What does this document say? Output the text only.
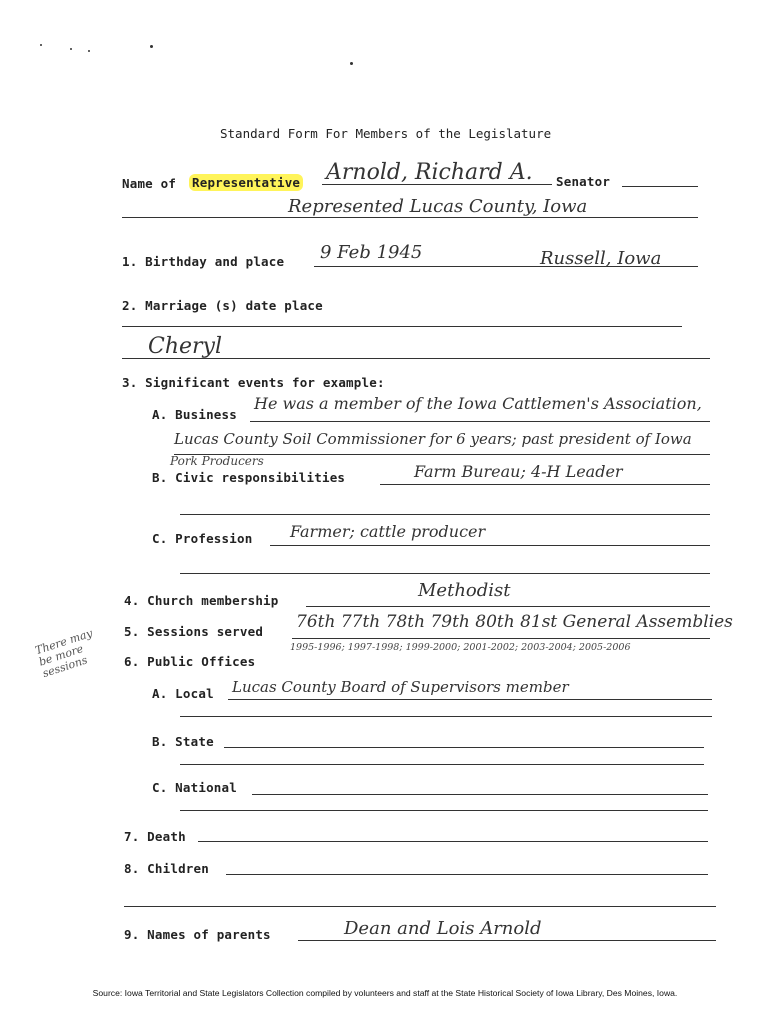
Standard Form For Members of the Legislature
Name of Representative Arnold, Richard A. Senator
Represented Lucas County, Iowa
1. Birthday and place 9 Feb 1945	Russell, Iowa
2. Marriage (s) date place
Cheryl
3. Significant events for example:
A. Business
He was a member of the Iowa Cattlemen's Association,
Lucas County Soil Commissioner for 6 years; past president of Iowa
Pork Producers
B. Civic responsibilities	Farm Bureau; 4-H Leader
C. Profession Farmer; cattle producer
4. Church membership	Methodist
5. Sessions served 76th 77th 78th 79th 80th 81st General Assemblies
1995-1996; 1997-1998; 1999-2000; 2001-2002; 2003-2004; 2005-2006
There may be more sessions	6. Public Offices
A. Local Lucas County Board of Supervisors member
B. State
C. National
7. Death
8. Children
9. Names of parents	Dean and Lois Arnold
Source: Iowa Territorial and State Legislators Collection compiled by volunteers and staff at the State Historical Society of Iowa Library, Des Moines, Iowa.
